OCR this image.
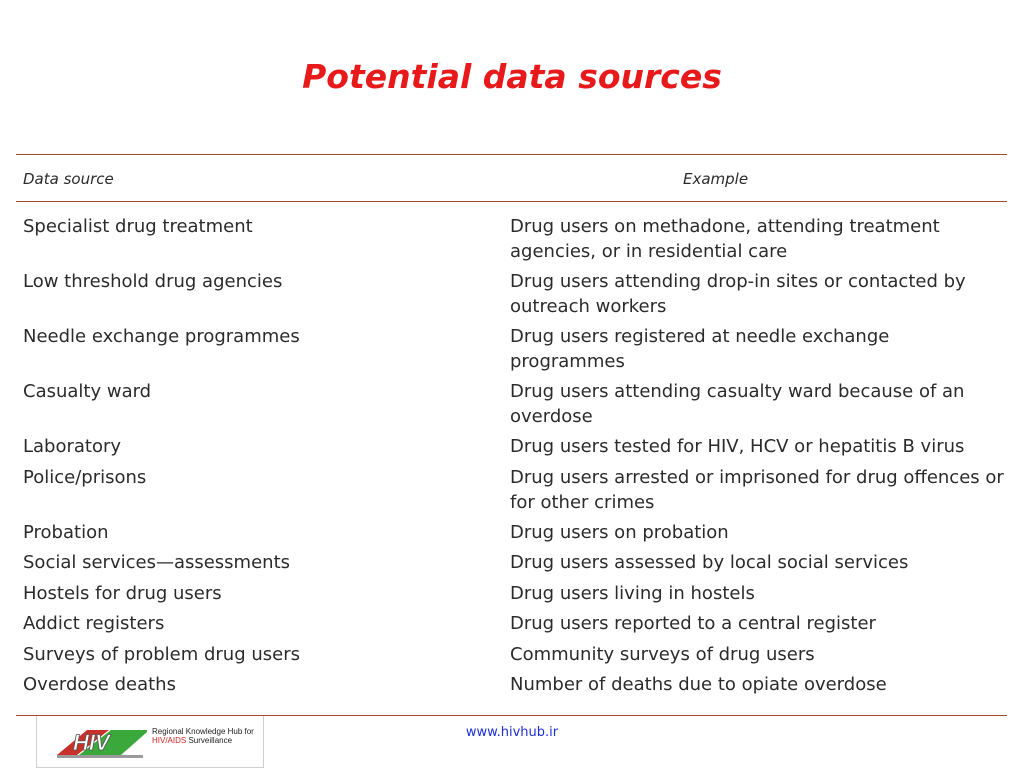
Potential data sources
Data source	Example
Specialist drug treatment	Drug users on methadone, attending treatment agencies, or in residential care
Low threshold drug agencies	Drug users attending drop-in sites or contacted by outreach workers
Needle exchange programmes	Drug users registered at needle exchange programmes
Casualty ward	Drug users attending casualty ward because of an overdose
Laboratory	Drug users tested for HIV, HCV or hepatitis B virus
Police/prisons	Drug users arrested or imprisoned for drug offences or for other crimes
Probation	Drug users on probation
Social services—assessments	Drug users assessed by local social services
Hostels for drug users	Drug users living in hostels
Addict registers	Drug users reported to a central register
Surveys of problem drug users	Community surveys of drug users
Overdose deaths	Number of deaths due to opiate overdose
HIV	Regional Knowledge Hub for
HIV/AIDS Surveillance
www.hivhub.ir
